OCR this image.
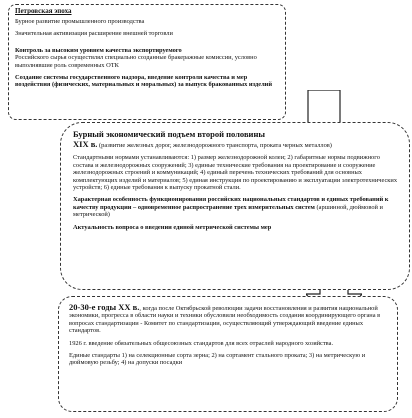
Петровская эпоха

Бурное развитие промышленного производства

Значительная активизация расширение внешней торговли

Контроль за высоким уровнем качества экспортируемого

Российского сырья осуществлял специально созданные бракеражные комиссии, условно выполнявшие роль современных ОТК

Создание системы государственного надзора, введение контроля качества и мер воздействия (физических, материальных и моральных) за выпуск бракованных изделий

Бурный экономический подъем второй половины

XIX в. (развитие железных дорог, железнодорожного транспорта, проката черных металлов)

Стандартными нормами устанавливаются: 1) размер железнодорожной колеи; 2) габаритные нормы подвижного состава и железнодорожных сооружений; 3) единые технические требования на проектирование и сооружение железнодорожных строений и коммуникаций; 4) единый перечень технических требований для основных комплектующих изделий и материалов; 5) единая инструкция по проектированию и эксплуатации электротехнических устройств; 6) единые требования к выпуску прокатной стали.

Характерная особенность функционирования российских национальных стандартов и единых требований к качеству продукции – одновременное распространение трех измерительных систем (аршинной, дюймовой и метрической)

Актуальность вопроса о введении единой метрической системы мер

20-30-е годы XX в., когда после Октябрьской революции задачи восстановления и развития национальной экономики, прогресса в области науки и техники обусловили необходимость создания координирующего органа в вопросах стандартизации - Комитет по стандартизации, осуществляющий утверждающий введение единых стандартов.

1926 г. введение обязательных общесоюзных стандартов для всех отраслей народного хозяйства.

Единые стандарты 1) на селекционные сорта зерна; 2) на сортамент стального проката; 3) на метрическую и дюймовую резьбу; 4) на допуски посадки
